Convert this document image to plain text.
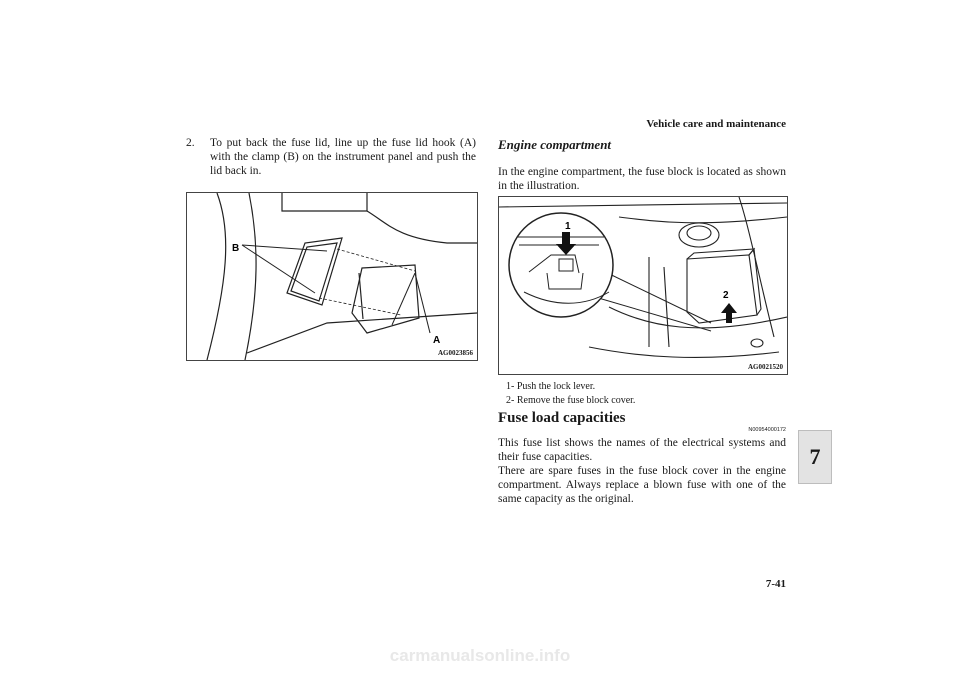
Vehicle care and maintenance
7
2.	To put back the fuse lid, line up the fuse lid hook (A) with the clamp (B) on the instrument panel and push the lid back in.
B
A
AG0023856
Engine compartment
In the engine compartment, the fuse block is located as shown in the illustration.
1
2
AG0021520
1- Push the lock lever.
2- Remove the fuse block cover.
Fuse load capacities
N00954000172
This fuse list shows the names of the electrical systems and their fuse capacities.
There are spare fuses in the fuse block cover in the engine compartment. Always replace a blown fuse with one of the same capacity as the original.
7-41
carmanualsonline.info
